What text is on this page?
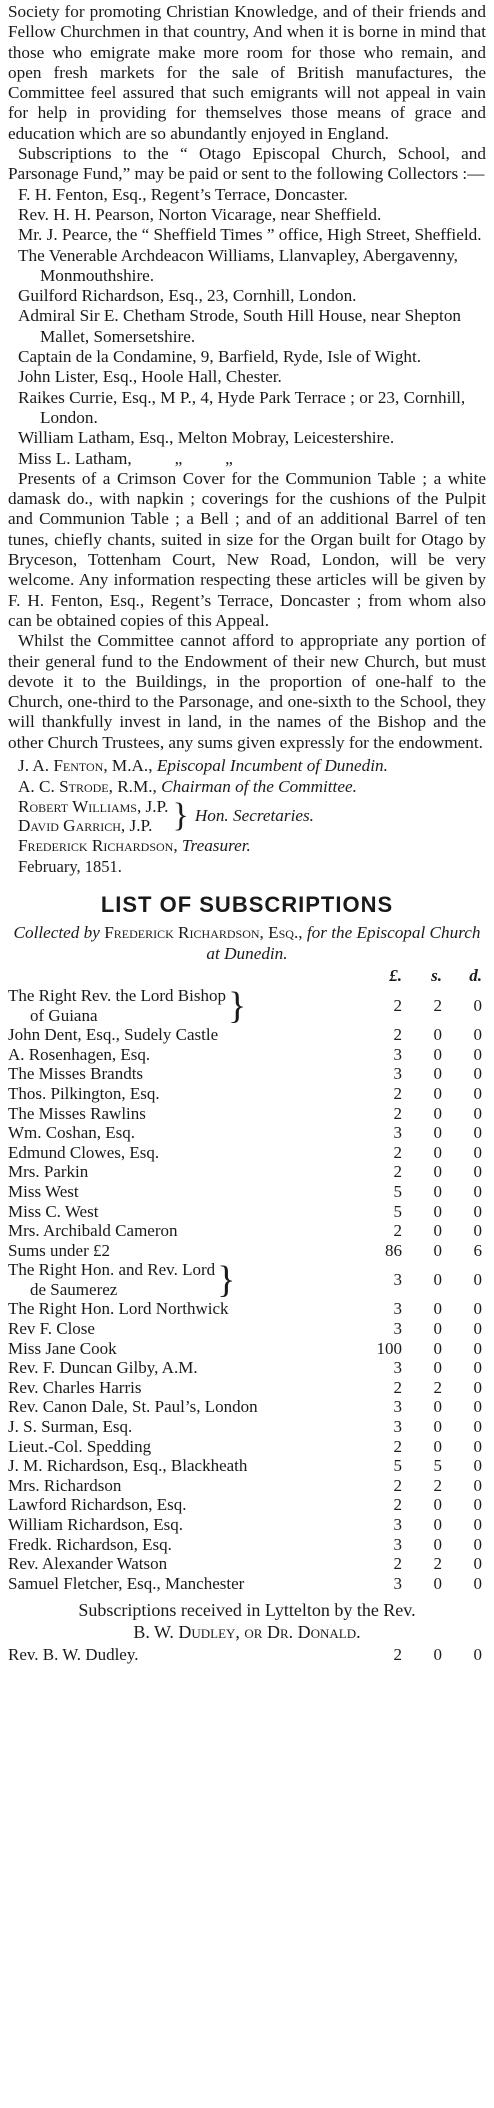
Society for promoting Christian Knowledge, and of their friends and Fellow Churchmen in that country, And when it is borne in mind that those who emigrate make more room for those who remain, and open fresh markets for the sale of British manufactures, the Committee feel assured that such emigrants will not appeal in vain for help in providing for themselves those means of grace and education which are so abundantly enjoyed in England.

Subscriptions to the “ Otago Episcopal Church, School, and Parsonage Fund,” may be paid or sent to the following Collectors :—

F. H. Fenton, Esq., Regent’s Terrace, Doncaster.

Rev. H. H. Pearson, Norton Vicarage, near Sheffield.

Mr. J. Pearce, the “ Sheffield Times ” office, High Street, Sheffield.

The Venerable Archdeacon Williams, Llanvapley, Abergavenny, Monmouthshire.

Guilford Richardson, Esq., 23, Cornhill, London.

Admiral Sir E. Chetham Strode, South Hill House, near Shepton Mallet, Somersetshire.

Captain de la Condamine, 9, Barfield, Ryde, Isle of Wight.

John Lister, Esq., Hoole Hall, Chester.

Raikes Currie, Esq., M P., 4, Hyde Park Terrace ; or 23, Cornhill, London.

William Latham, Esq., Melton Mobray, Leicestershire.

Miss L. Latham,          „          „

Presents of a Crimson Cover for the Communion Table ; a white damask do., with napkin ; coverings for the cushions of the Pulpit and Communion Table ; a Bell ; and of an additional Barrel of ten tunes, chiefly chants, suited in size for the Organ built for Otago by Bryceson, Tottenham Court, New Road, London, will be very welcome. Any information respecting these articles will be given by F. H. Fenton, Esq., Regent’s Terrace, Doncaster ; from whom also can be obtained copies of this Appeal.

Whilst the Committee cannot afford to appropriate any portion of their general fund to the Endowment of their new Church, but must devote it to the Buildings, in the proportion of one-half to the Church, one-third to the Parsonage, and one-sixth to the School, they will thankfully invest in land, in the names of the Bishop and the other Church Trustees, any sums given expressly for the endowment.

J. A. Fenton, M.A., Episcopal Incumbent of Dunedin.

A. C. Strode, R.M., Chairman of the Committee.

Robert Williams, J.P.
David Garrich, J.P. } Hon. Secretaries.

Frederick Richardson, Treasurer.

February, 1851.
LIST OF SUBSCRIPTIONS

Collected by Frederick Richardson, Esq., for the Episcopal Church at Dunedin.

	£.	s.	d.

The Right Rev. the Lord Bishop
of Guiana }	2	2	0
John Dent, Esq., Sudely Castle	2	0	0
A. Rosenhagen, Esq.	3	0	0
The Misses Brandts	3	0	0
Thos. Pilkington, Esq.	2	0	0
The Misses Rawlins	2	0	0
Wm. Coshan, Esq.	3	0	0
Edmund Clowes, Esq.	2	0	0
Mrs. Parkin	2	0	0
Miss West	5	0	0
Miss C. West	5	0	0
Mrs. Archibald Cameron	2	0	0
Sums under £2	86	0	6

The Right Hon. and Rev. Lord
de Saumerez }	3	0	0
The Right Hon. Lord Northwick	3	0	0
Rev F. Close	3	0	0
Miss Jane Cook	100	0	0
Rev. F. Duncan Gilby, A.M.	3	0	0
Rev. Charles Harris	2	2	0
Rev. Canon Dale, St. Paul’s, London	3	0	0
J. S. Surman, Esq.	3	0	0
Lieut.-Col. Spedding	2	0	0
J. M. Richardson, Esq., Blackheath	5	5	0
Mrs. Richardson	2	2	0
Lawford Richardson, Esq.	2	0	0
William Richardson, Esq.	3	0	0
Fredk. Richardson, Esq.	3	0	0
Rev. Alexander Watson	2	2	0
Samuel Fletcher, Esq., Manchester	3	0	0

Subscriptions received in Lyttelton by the Rev.

B. W. Dudley, or Dr. Donald.

Rev. B. W. Dudley.	2	0	0
